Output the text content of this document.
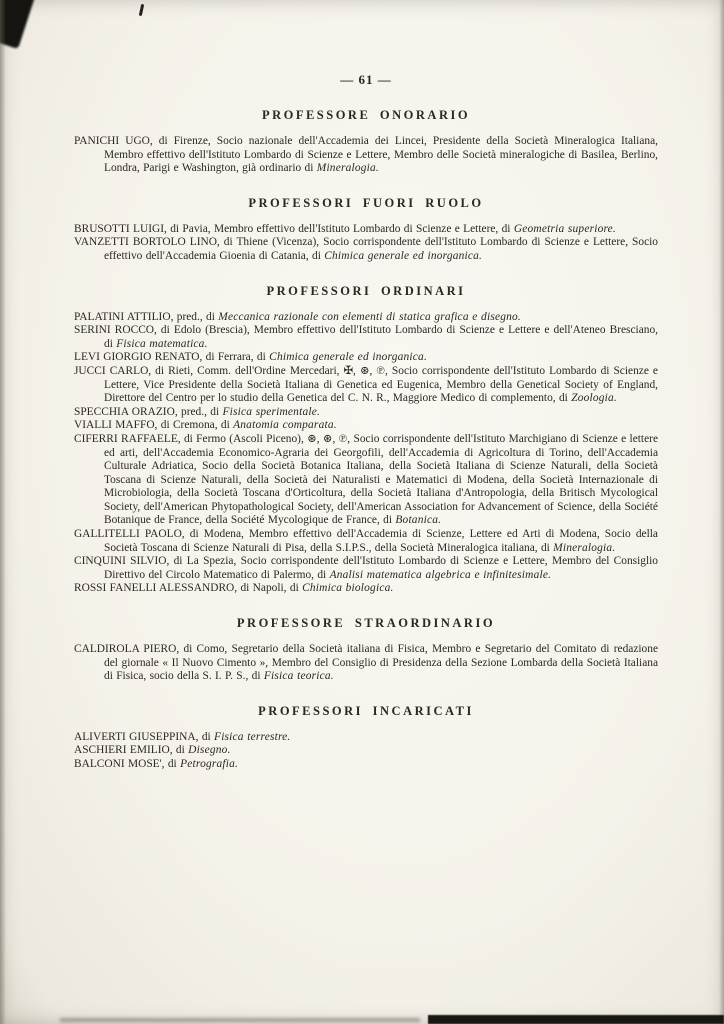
— 61 —

PROFESSORE ONORARIO

PANICHI UGO, di Firenze, Socio nazionale dell'Accademia dei Lincei, Presidente della Società Mineralogica Italiana, Membro effettivo dell'Istituto Lombardo di Scienze e Lettere, Membro delle Società mineralogiche di Basilea, Berlino, Londra, Parigi e Washington, già ordinario di Mineralogia.

PROFESSORI FUORI RUOLO

BRUSOTTI LUIGI, di Pavia, Membro effettivo dell'Istituto Lombardo di Scienze e Lettere, di Geometria superiore.

VANZETTI BORTOLO LINO, di Thiene (Vicenza), Socio corrispondente dell'Istituto Lombardo di Scienze e Lettere, Socio effettivo dell'Accademia Gioenia di Catania, di Chimica generale ed inorganica.

PROFESSORI ORDINARI

PALATINI ATTILIO, pred., di Meccanica razionale con elementi di statica grafica e disegno.

SERINI ROCCO, di Edolo (Brescia), Membro effettivo dell'Istituto Lombardo di Scienze e Lettere e dell'Ateneo Bresciano, di Fisica matematica.

LEVI GIORGIO RENATO, di Ferrara, di Chimica generale ed inorganica.

JUCCI CARLO, di Rieti, Comm. dell'Ordine Mercedari, ✠, ⊛, ℗, Socio corrispondente dell'Istituto Lombardo di Scienze e Lettere, Vice Presidente della Società Italiana di Genetica ed Eugenica, Membro della Genetical Society of England, Direttore del Centro per lo studio della Genetica del C. N. R., Maggiore Medico di complemento, di Zoologia.

SPECCHIA ORAZIO, pred., di Fisica sperimentale.

VIALLI MAFFO, di Cremona, di Anatomia comparata.

CIFERRI RAFFAELE, di Fermo (Ascoli Piceno), ⊛, ⊛, ℗, Socio corrispondente dell'Istituto Marchigiano di Scienze e lettere ed arti, dell'Accademia Economico-Agraria dei Georgofili, dell'Accademia di Agricoltura di Torino, dell'Accademia Culturale Adriatica, Socio della Società Botanica Italiana, della Società Italiana di Scienze Naturali, della Società Toscana di Scienze Naturali, della Società dei Naturalisti e Matematici di Modena, della Società Internazionale di Microbiologia, della Società Toscana d'Orticoltura, della Società Italiana d'Antropologia, della Britisch Mycological Society, dell'American Phytopathological Society, dell'American Association for Advancement of Science, della Société Botanique de France, della Société Mycologique de France, di Botanica.

GALLITELLI PAOLO, di Modena, Membro effettivo dell'Accademia di Scienze, Lettere ed Arti di Modena, Socio della Società Toscana di Scienze Naturali di Pisa, della S.I.P.S., della Società Mineralogica italiana, di Mineralogia.

CINQUINI SILVIO, di La Spezia, Socio corrispondente dell'Istituto Lombardo di Scienze e Lettere, Membro del Consiglio Direttivo del Circolo Matematico di Palermo, di Analisi matematica algebrica e infinitesimale.

ROSSI FANELLI ALESSANDRO, di Napoli, di Chimica biologica.

PROFESSORE STRAORDINARIO

CALDIROLA PIERO, di Como, Segretario della Società italiana di Fisica, Membro e Segretario del Comitato di redazione del giornale « Il Nuovo Cimento », Membro del Consiglio di Presidenza della Sezione Lombarda della Società Italiana di Fisica, socio della S. I. P. S., di Fisica teorica.

PROFESSORI INCARICATI

ALIVERTI GIUSEPPINA, di Fisica terrestre.

ASCHIERI EMILIO, di Disegno.

BALCONI MOSE', di Petrografia.
